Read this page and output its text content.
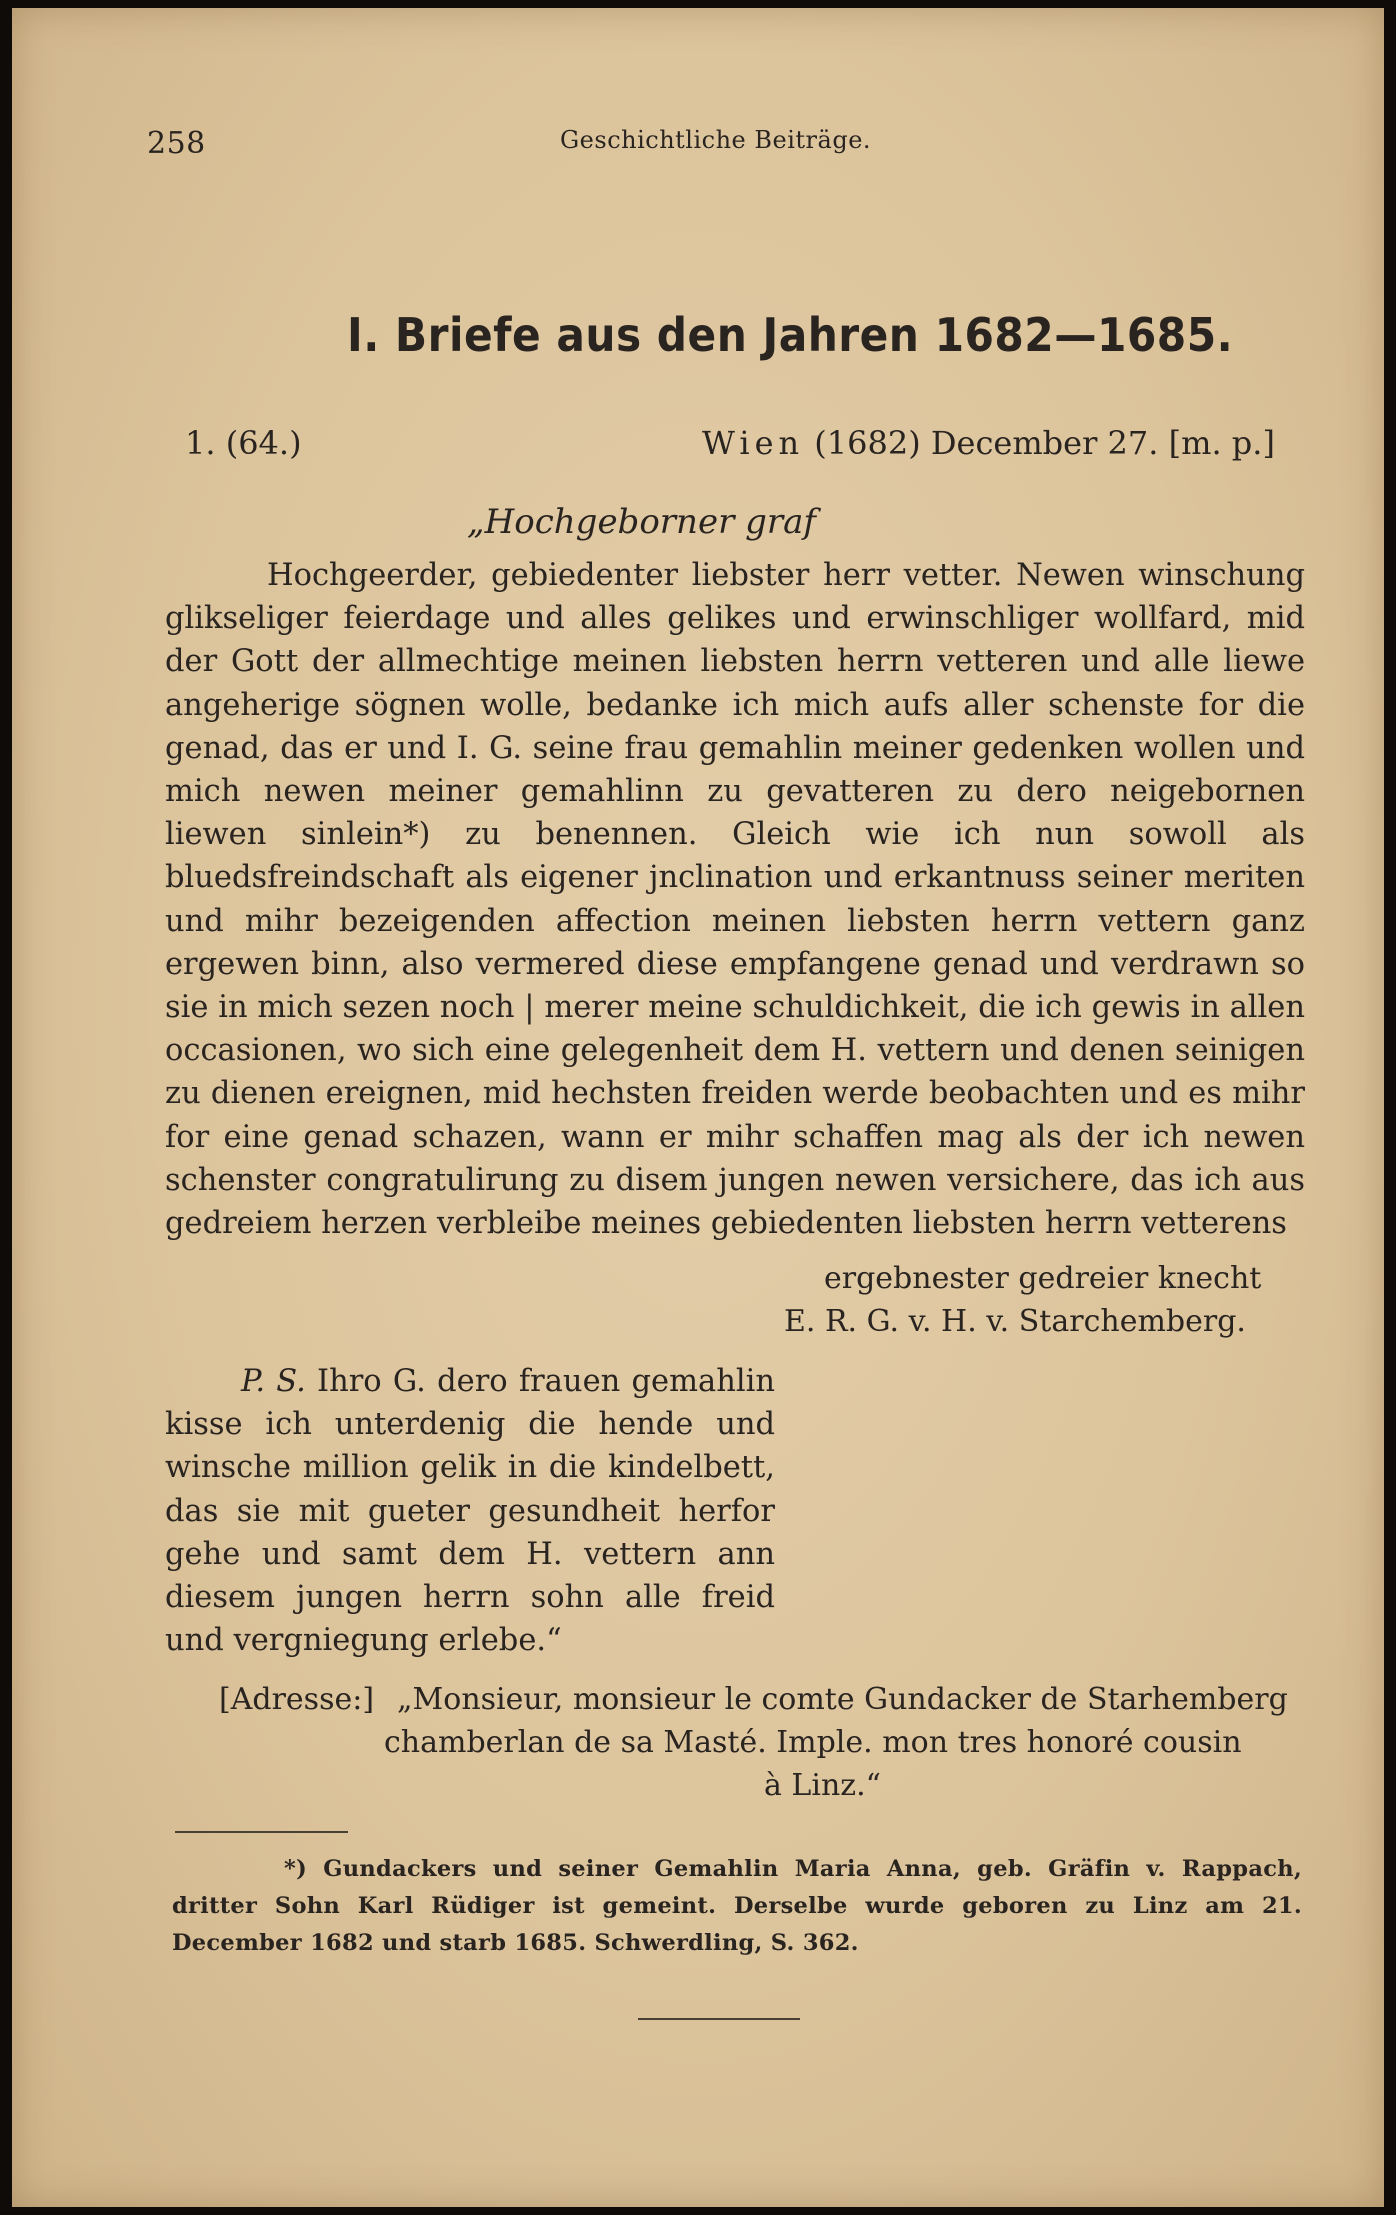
258	Geschichtliche Beiträge.
I. Briefe aus den Jahren 1682—1685.
1. (64.)	Wien (1682) December 27. [m. p.]
„Hochgeborner graf

Hochgeerder, gebiedenter liebster herr vetter. Newen winschung glikseliger feierdage und alles gelikes und erwinschliger wollfard, mid der Gott der allmechtige meinen liebsten herrn vetteren und alle liewe angeherige sögnen wolle, bedanke ich mich aufs aller schenste for die genad, das er und I. G. seine frau gemahlin meiner gedenken wollen und mich newen meiner gemahlinn zu gevatteren zu dero neigebornen liewen sinlein*) zu benennen. Gleich wie ich nun sowoll als bluedsfreindschaft als eigener jnclination und erkantnuss seiner meriten und mihr bezeigenden affection meinen liebsten herrn vettern ganz ergewen binn, also vermered diese empfangene genad und verdrawn so sie in mich sezen noch | merer meine schuldichkeit, die ich gewis in allen occasionen, wo sich eine gelegenheit dem H. vettern und denen seinigen zu dienen ereignen, mid hechsten freiden werde beobachten und es mihr for eine genad schazen, wann er mihr schaffen mag als der ich newen schenster congratulirung zu disem jungen newen versichere, das ich aus gedreiem herzen verbleibe meines gebiedenten liebsten herrn vetterens

ergebnester gedreier knecht
E. R. G. v. H. v. Starchemberg.

P. S. Ihro G. dero frauen gemahlin kisse ich unterdenig die hende und winsche million gelik in die kindelbett, das sie mit gueter gesundheit herfor gehe und samt dem H. vettern ann diesem jungen herrn sohn alle freid und vergniegung erlebe.“

[Adresse:] „Monsieur, monsieur le comte Gundacker de Starhemberg
chamberlan de sa Masté. Imple. mon tres honoré cousin
à Linz.“

*) Gundackers und seiner Gemahlin Maria Anna, geb. Gräfin v. Rappach, dritter Sohn Karl Rüdiger ist gemeint. Derselbe wurde geboren zu Linz am 21. December 1682 und starb 1685. Schwerdling, S. 362.
